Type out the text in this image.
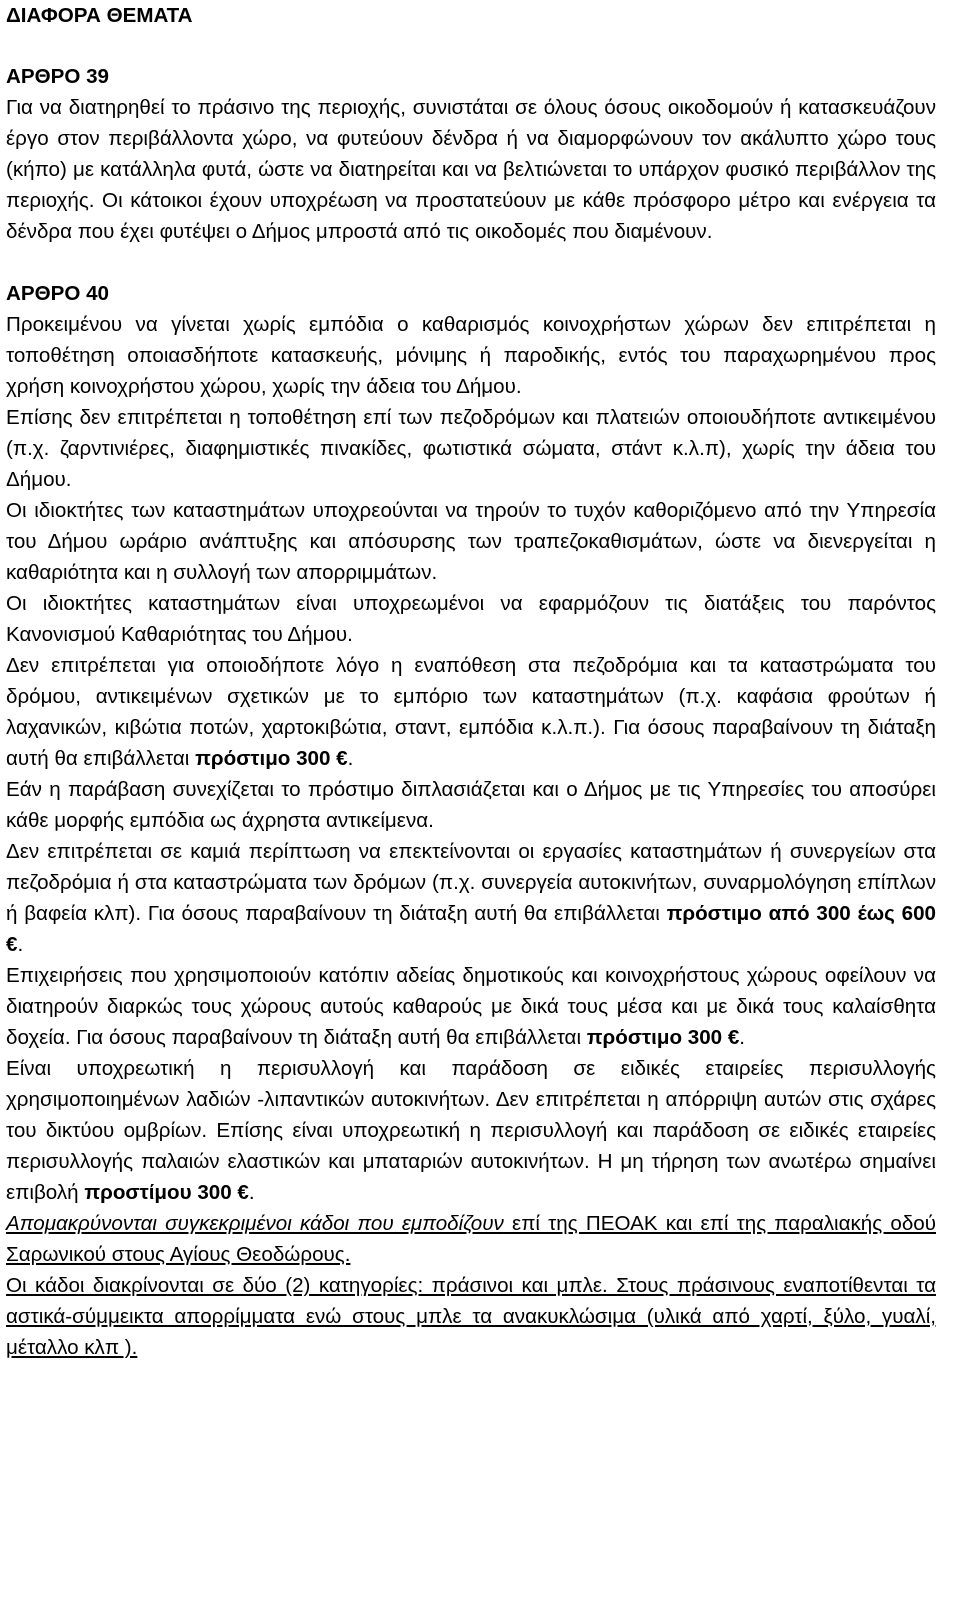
ΔΙΑΦΟΡΑ ΘΕΜΑΤΑ
ΑΡΘΡΟ 39

Για να διατηρηθεί το πράσινο της περιοχής, συνιστάται σε όλους όσους οικοδομούν ή κατασκευάζουν έργο στον περιβάλλοντα χώρο, να φυτεύουν δένδρα ή να διαμορφώνουν τον ακάλυπτο χώρο τους (κήπο) με κατάλληλα φυτά, ώστε να διατηρείται και να βελτιώνεται το υπάρχον φυσικό περιβάλλον της περιοχής. Οι κάτοικοι έχουν υποχρέωση να προστατεύουν με κάθε πρόσφορο μέτρο και ενέργεια τα δένδρα που έχει φυτέψει ο Δήμος μπροστά από τις οικοδομές που διαμένουν.

ΑΡΘΡΟ 40

Προκειμένου να γίνεται χωρίς εμπόδια ο καθαρισμός κοινοχρήστων χώρων δεν επιτρέπεται η τοποθέτηση οποιασδήποτε κατασκευής, μόνιμης ή παροδικής, εντός του παραχωρημένου προς χρήση κοινοχρήστου χώρου, χωρίς την άδεια του Δήμου.

Επίσης δεν επιτρέπεται η τοποθέτηση επί των πεζοδρόμων και πλατειών οποιουδήποτε αντικειμένου (π.χ. ζαρντινιέρες, διαφημιστικές πινακίδες, φωτιστικά σώματα, στάντ κ.λ.π), χωρίς την άδεια του Δήμου.

Οι ιδιοκτήτες των καταστημάτων υποχρεούνται να τηρούν το τυχόν καθοριζόμενο από την Υπηρεσία του Δήμου ωράριο ανάπτυξης και απόσυρσης των τραπεζοκαθισμάτων, ώστε να διενεργείται η καθαριότητα και η συλλογή των απορριμμάτων.

Οι ιδιοκτήτες καταστημάτων είναι υποχρεωμένοι να εφαρμόζουν τις διατάξεις του παρόντος Κανονισμού Καθαριότητας του Δήμου.

Δεν επιτρέπεται για οποιοδήποτε λόγο η εναπόθεση στα πεζοδρόμια και τα καταστρώματα του δρόμου, αντικειμένων σχετικών με το εμπόριο των καταστημάτων (π.χ. καφάσια φρούτων ή λαχανικών, κιβώτια ποτών, χαρτοκιβώτια, σταντ, εμπόδια κ.λ.π.). Για όσους παραβαίνουν τη διάταξη αυτή θα επιβάλλεται πρόστιμο 300 €.

Εάν η παράβαση συνεχίζεται το πρόστιμο διπλασιάζεται και ο Δήμος με τις Υπηρεσίες του αποσύρει κάθε μορφής εμπόδια ως άχρηστα αντικείμενα.

Δεν επιτρέπεται σε καμιά περίπτωση να επεκτείνονται οι εργασίες καταστημάτων ή συνεργείων στα πεζοδρόμια ή στα καταστρώματα των δρόμων (π.χ. συνεργεία αυτοκινήτων, συναρμολόγηση επίπλων ή βαφεία κλπ). Για όσους παραβαίνουν τη διάταξη αυτή θα επιβάλλεται πρόστιμο από 300 έως 600 €.

Επιχειρήσεις που χρησιμοποιούν κατόπιν αδείας δημοτικούς και κοινοχρήστους χώρους οφείλουν να διατηρούν διαρκώς τους χώρους αυτούς καθαρούς με δικά τους μέσα και με δικά τους καλαίσθητα δοχεία. Για όσους παραβαίνουν τη διάταξη αυτή θα επιβάλλεται πρόστιμο 300 €.

Είναι υποχρεωτική η περισυλλογή και παράδοση σε ειδικές εταιρείες περισυλλογής χρησιμοποιημένων λαδιών -λιπαντικών αυτοκινήτων. Δεν επιτρέπεται η απόρριψη αυτών στις σχάρες του δικτύου ομβρίων. Επίσης είναι υποχρεωτική η περισυλλογή και παράδοση σε ειδικές εταιρείες περισυλλογής παλαιών ελαστικών και μπαταριών αυτοκινήτων. Η μη τήρηση των ανωτέρω σημαίνει επιβολή προστίμου 300 €.

Απομακρύνονται συγκεκριμένοι κάδοι που εμποδίζουν επί της ΠΕΟΑΚ και επί της παραλιακής οδού Σαρωνικού στους Αγίους Θεοδώρους.

Οι κάδοι διακρίνονται σε δύο (2) κατηγορίες: πράσινοι και μπλε. Στους πράσινους εναποτίθενται τα αστικά-σύμμεικτα απορρίμματα ενώ στους μπλε τα ανακυκλώσιμα (υλικά από χαρτί, ξύλο, γυαλί, μέταλλο κλπ ).
